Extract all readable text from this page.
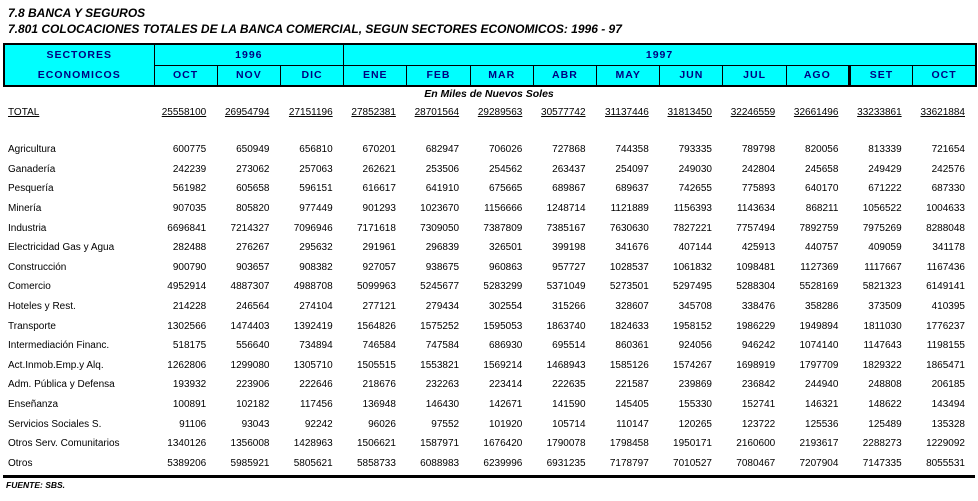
7.8 BANCA Y SEGUROS
7.801 COLOCACIONES TOTALES DE LA BANCA COMERCIAL, SEGUN SECTORES ECONOMICOS: 1996 - 97
SECTORES
ECONOMICOS	1996			1997									
	OCT	NOV	DIC	ENE	FEB	MAR	ABR	MAY	JUN	JUL	AGO	SET	OCT
En Miles de Nuevos Soles
TOTAL	25558100	26954794	27151196	27852381	28701564	29289563	30577742	31137446	31813450	32246559	32661496	33233861	33621884

Agricultura	600775	650949	656810	670201	682947	706026	727868	744358	793335	789798	820056	813339	721654
Ganadería	242239	273062	257063	262621	253506	254562	263437	254097	249030	242804	245658	249429	242576
Pesquería	561982	605658	596151	616617	641910	675665	689867	689637	742655	775893	640170	671222	687330
Minería	907035	805820	977449	901293	1023670	1156666	1248714	1121889	1156393	1143634	868211	1056522	1004633
Industria	6696841	7214327	7096946	7171618	7309050	7387809	7385167	7630630	7827221	7757494	7892759	7975269	8288048
Electricidad Gas y Agua	282488	276267	295632	291961	296839	326501	399198	341676	407144	425913	440757	409059	341178
Construcción	900790	903657	908382	927057	938675	960863	957727	1028537	1061832	1098481	1127369	1117667	1167436
Comercio	4952914	4887307	4988708	5099963	5245677	5283299	5371049	5273501	5297495	5288304	5528169	5821323	6149141
Hoteles y Rest.	214228	246564	274104	277121	279434	302554	315266	328607	345708	338476	358286	373509	410395
Transporte	1302566	1474403	1392419	1564826	1575252	1595053	1863740	1824633	1958152	1986229	1949894	1811030	1776237
Intermediación Financ.	518175	556640	734894	746584	747584	686930	695514	860361	924056	946242	1074140	1147643	1198155
Act.Inmob.Emp.y Alq.	1262806	1299080	1305710	1505515	1553821	1569214	1468943	1585126	1574267	1698919	1797709	1829322	1865471
Adm. Pública y Defensa	193932	223906	222646	218676	232263	223414	222635	221587	239869	236842	244940	248808	206185
Enseñanza	100891	102182	117456	136948	146430	142671	141590	145405	155330	152741	146321	148622	143494
Servicios Sociales S.	91106	93043	92242	96026	97552	101920	105714	110147	120265	123722	125536	125489	135328
Otros Serv. Comunitarios	1340126	1356008	1428963	1506621	1587971	1676420	1790078	1798458	1950171	2160600	2193617	2288273	1229092
Otros	5389206	5985921	5805621	5858733	6088983	6239996	6931235	7178797	7010527	7080467	7207904	7147335	8055531
FUENTE: SBS.
